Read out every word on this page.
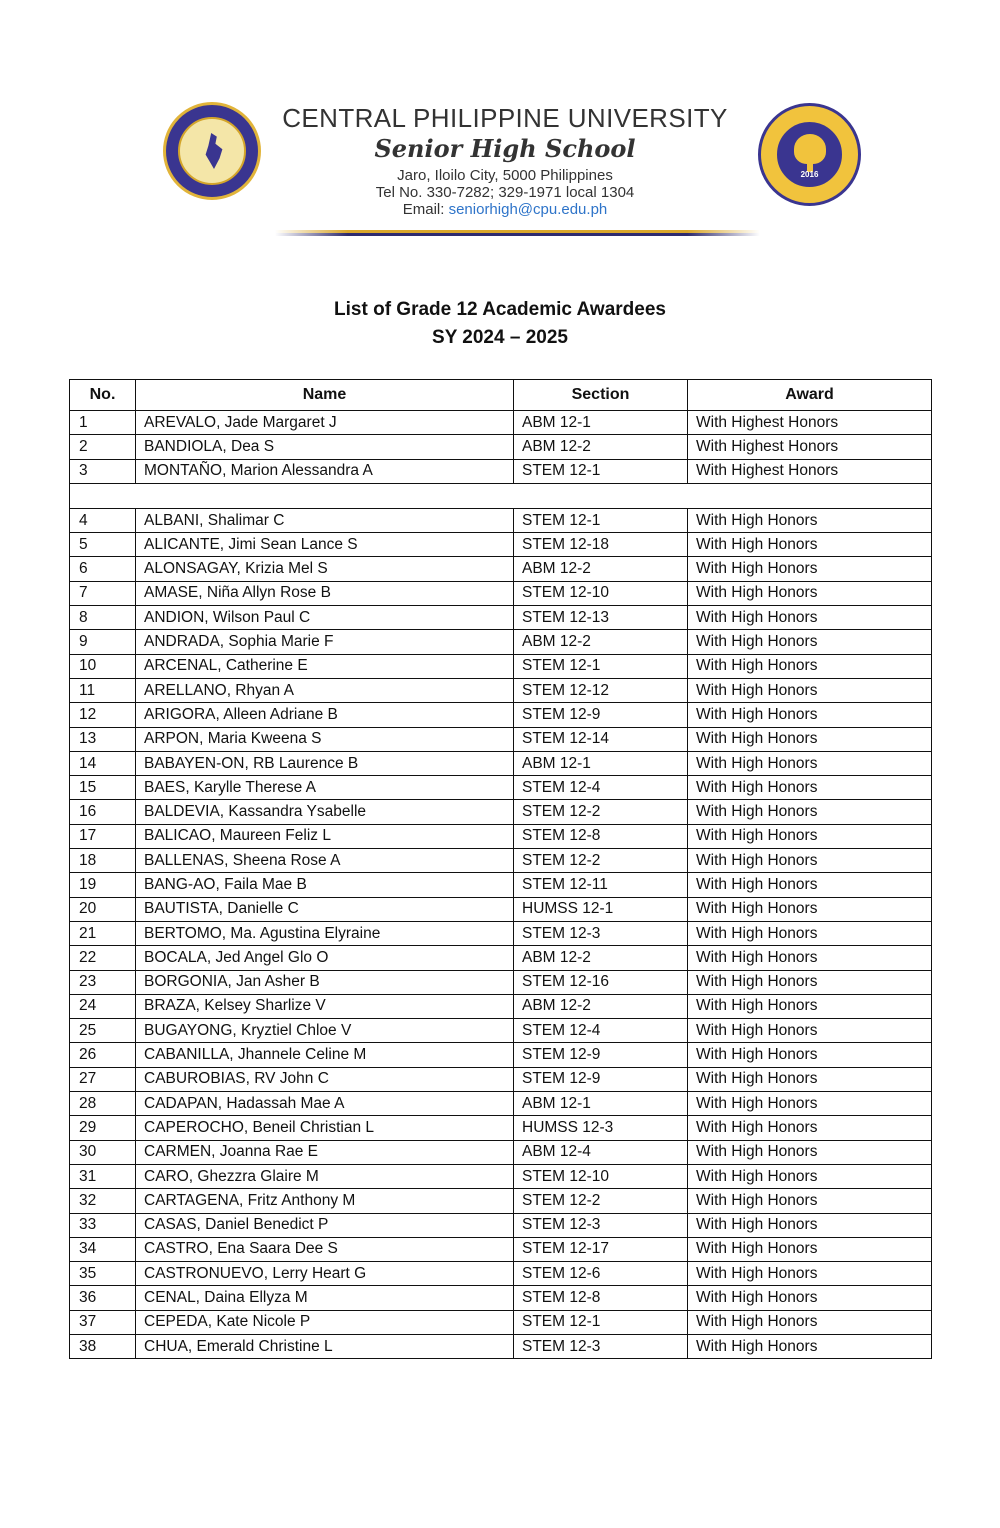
CENTRAL PHILIPPINE UNIVERSITY
Senior High School
Jaro, Iloilo City, 5000 Philippines
Tel No. 330-7282; 329-1971 local 1304
Email: seniorhigh@cpu.edu.ph
2016
List of Grade 12 Academic Awardees
SY 2024 – 2025
No.	Name	Section	Award
1	AREVALO, Jade Margaret J	ABM 12-1	With Highest Honors
2	BANDIOLA, Dea S	ABM 12-2	With Highest Honors
3	MONTAÑO, Marion Alessandra A	STEM 12-1	With Highest Honors

4	ALBANI, Shalimar C	STEM 12-1	With High Honors
5	ALICANTE, Jimi Sean Lance S	STEM 12-18	With High Honors
6	ALONSAGAY, Krizia Mel S	ABM 12-2	With High Honors
7	AMASE, Niña Allyn Rose B	STEM 12-10	With High Honors
8	ANDION, Wilson Paul C	STEM 12-13	With High Honors
9	ANDRADA, Sophia Marie F	ABM 12-2	With High Honors
10	ARCENAL, Catherine E	STEM 12-1	With High Honors
11	ARELLANO, Rhyan A	STEM 12-12	With High Honors
12	ARIGORA, Alleen Adriane B	STEM 12-9	With High Honors
13	ARPON, Maria Kweena S	STEM 12-14	With High Honors
14	BABAYEN-ON, RB Laurence B	ABM 12-1	With High Honors
15	BAES, Karylle Therese A	STEM 12-4	With High Honors
16	BALDEVIA, Kassandra Ysabelle	STEM 12-2	With High Honors
17	BALICAO, Maureen Feliz L	STEM 12-8	With High Honors
18	BALLENAS, Sheena Rose A	STEM 12-2	With High Honors
19	BANG-AO, Faila Mae B	STEM 12-11	With High Honors
20	BAUTISTA, Danielle C	HUMSS 12-1	With High Honors
21	BERTOMO, Ma. Agustina Elyraine	STEM 12-3	With High Honors
22	BOCALA, Jed Angel Glo O	ABM 12-2	With High Honors
23	BORGONIA, Jan Asher B	STEM 12-16	With High Honors
24	BRAZA, Kelsey Sharlize V	ABM 12-2	With High Honors
25	BUGAYONG, Kryztiel Chloe V	STEM 12-4	With High Honors
26	CABANILLA, Jhannele Celine M	STEM 12-9	With High Honors
27	CABUROBIAS, RV John C	STEM 12-9	With High Honors
28	CADAPAN, Hadassah Mae A	ABM 12-1	With High Honors
29	CAPEROCHO, Beneil Christian L	HUMSS 12-3	With High Honors
30	CARMEN, Joanna Rae E	ABM 12-4	With High Honors
31	CARO, Ghezzra Glaire M	STEM 12-10	With High Honors
32	CARTAGENA, Fritz Anthony M	STEM 12-2	With High Honors
33	CASAS, Daniel Benedict P	STEM 12-3	With High Honors
34	CASTRO, Ena Saara Dee S	STEM 12-17	With High Honors
35	CASTRONUEVO, Lerry Heart G	STEM 12-6	With High Honors
36	CENAL, Daina Ellyza M	STEM 12-8	With High Honors
37	CEPEDA, Kate Nicole P	STEM 12-1	With High Honors
38	CHUA, Emerald Christine L	STEM 12-3	With High Honors
